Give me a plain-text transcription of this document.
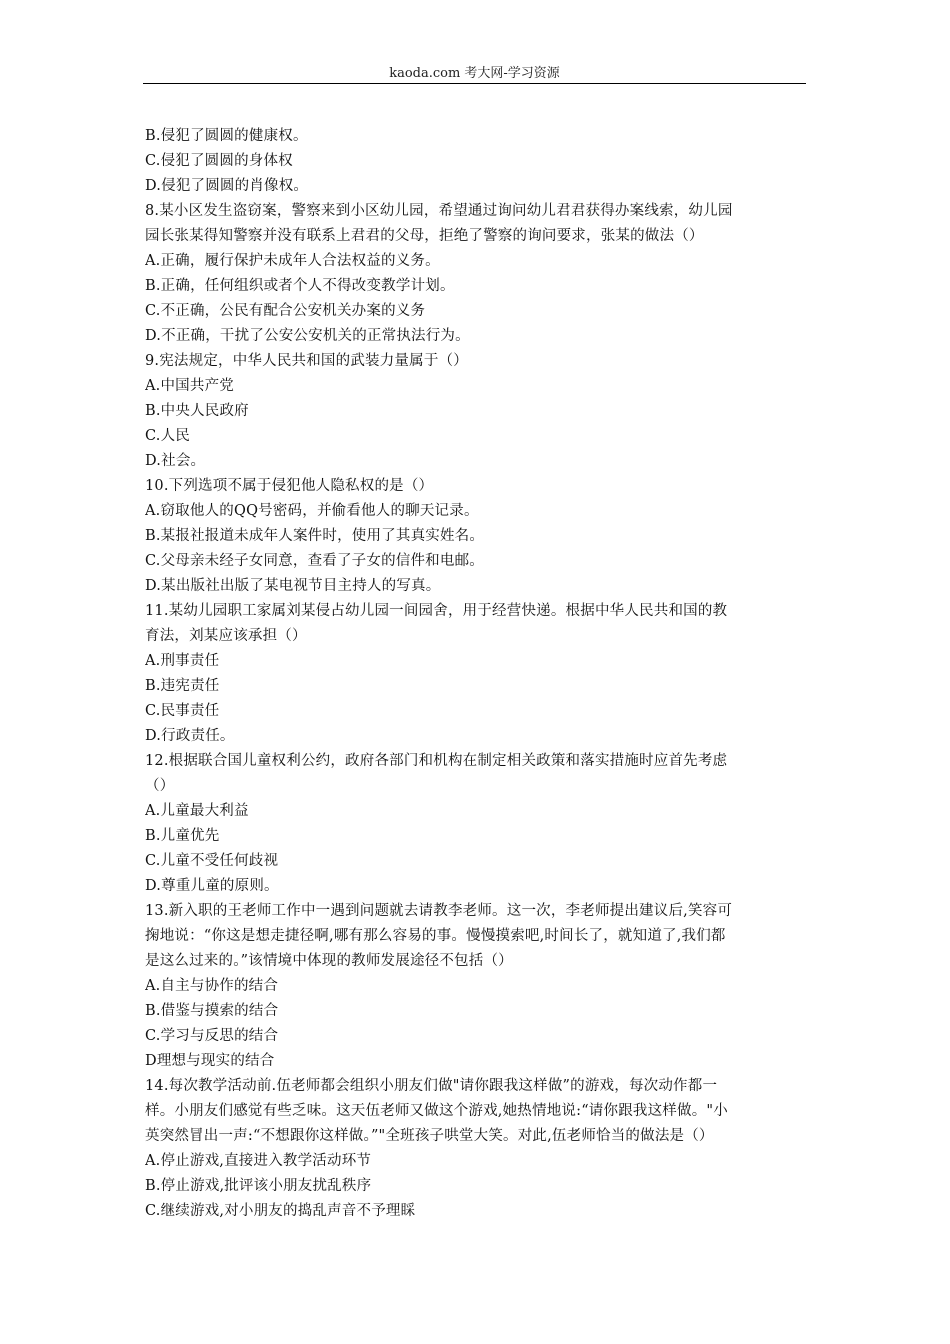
kaoda.com 考大网-学习资源
B.侵犯了圆圆的健康权。
C.侵犯了圆圆的身体权
D.侵犯了圆圆的肖像权。
8.某小区发生盗窃案，警察来到小区幼儿园，希望通过询问幼儿君君获得办案线索，幼儿园
园长张某得知警察并没有联系上君君的父母，拒绝了警察的询问要求，张某的做法（）
A.正确，履行保护未成年人合法权益的义务。
B.正确，任何组织或者个人不得改变教学计划。
C.不正确，公民有配合公安机关办案的义务
D.不正确，干扰了公安公安机关的正常执法行为。
9.宪法规定，中华人民共和国的武装力量属于（）
A.中国共产党
B.中央人民政府
C.人民
D.社会。
10.下列选项不属于侵犯他人隐私权的是（）
A.窃取他人的QQ号密码，并偷看他人的聊天记录。
B.某报社报道未成年人案件时，使用了其真实姓名。
C.父母亲未经子女同意，查看了子女的信件和电邮。
D.某出版社出版了某电视节目主持人的写真。
11.某幼儿园职工家属刘某侵占幼儿园一间园舍，用于经营快递。根据中华人民共和国的教
育法，刘某应该承担（）
A.刑事责任
B.违宪责任
C.民事责任
D.行政责任。
12.根据联合国儿童权利公约，政府各部门和机构在制定相关政策和落实措施时应首先考虑
（）
A.儿童最大利益
B.儿童优先
C.儿童不受任何歧视
D.尊重儿童的原则。
13.新入职的王老师工作中一遇到问题就去请教李老师。这一次，李老师提出建议后,笑容可
掬地说：“你这是想走捷径啊,哪有那么容易的事。慢慢摸索吧,时间长了，就知道了,我们都
是这么过来的。”该情境中体现的教师发展途径不包括（）
A.自主与协作的结合
B.借鉴与摸索的结合
C.学习与反思的结合
D理想与现实的结合
14.每次教学活动前.伍老师都会组织小朋友们做"请你跟我这样做”的游戏，每次动作都一
样。小朋友们感觉有些乏味。这天伍老师又做这个游戏,她热情地说:“请你跟我这样做。"小
英突然冒出一声:“不想跟你这样做。”"全班孩子哄堂大笑。对此,伍老师恰当的做法是（）
A.停止游戏,直接进入教学活动环节
B.停止游戏,批评该小朋友扰乱秩序
C.继续游戏,对小朋友的捣乱声音不予理睬
